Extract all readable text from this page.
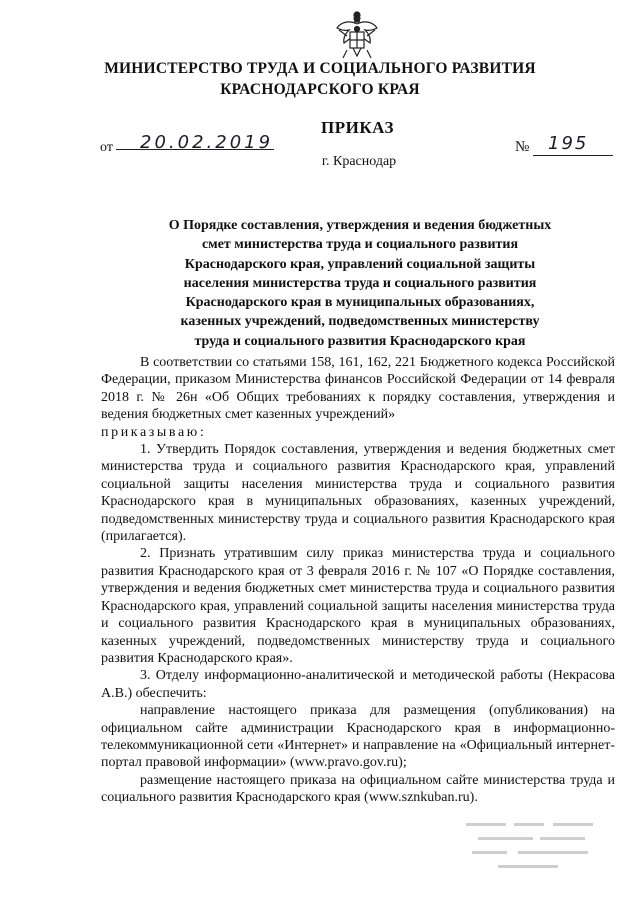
МИНИСТЕРСТВО ТРУДА И СОЦИАЛЬНОГО РАЗВИТИЯ
КРАСНОДАРСКОГО КРАЯ
ПРИКАЗ
от 20.02.2019	№ 195
г. Краснодар
О Порядке составления, утверждения и ведения бюджетных
смет министерства труда и социального развития
Краснодарского края, управлений социальной защиты
населения министерства труда и социального развития
Краснодарского края в муниципальных образованиях,
казенных учреждений, подведомственных министерству
труда и социального развития Краснодарского края

В соответствии со статьями 158, 161, 162, 221 Бюджетного кодекса Российской Федерации, приказом Министерства финансов Российской Федерации от 14 февраля 2018 г. № 26н «Об Общих требованиях к порядку составления, утверждения и ведения бюджетных смет казенных учреждений»

приказываю:

1. Утвердить Порядок составления, утверждения и ведения бюджетных смет министерства труда и социального развития Краснодарского края, управлений социальной защиты населения министерства труда и социального развития Краснодарского края в муниципальных образованиях, казенных учреждений, подведомственных министерству труда и социального развития Краснодарского края (прилагается).

2. Признать утратившим силу приказ министерства труда и социального развития Краснодарского края от 3 февраля 2016 г. № 107 «О Порядке составления, утверждения и ведения бюджетных смет министерства труда и социального развития Краснодарского края, управлений социальной защиты населения министерства труда и социального развития Краснодарского края в муниципальных образованиях, казенных учреждений, подведомственных министерству труда и социального развития Краснодарского края».

3. Отделу информационно-аналитической и методической работы (Некрасова А.В.) обеспечить:

направление настоящего приказа для размещения (опубликования) на официальном сайте администрации Краснодарского края в информационно-телекоммуникационной сети «Интернет» и направление на «Официальный интернет-портал правовой информации» (www.pravo.gov.ru);

размещение настоящего приказа на официальном сайте министерства труда и социального развития Краснодарского края (www.sznkuban.ru).
